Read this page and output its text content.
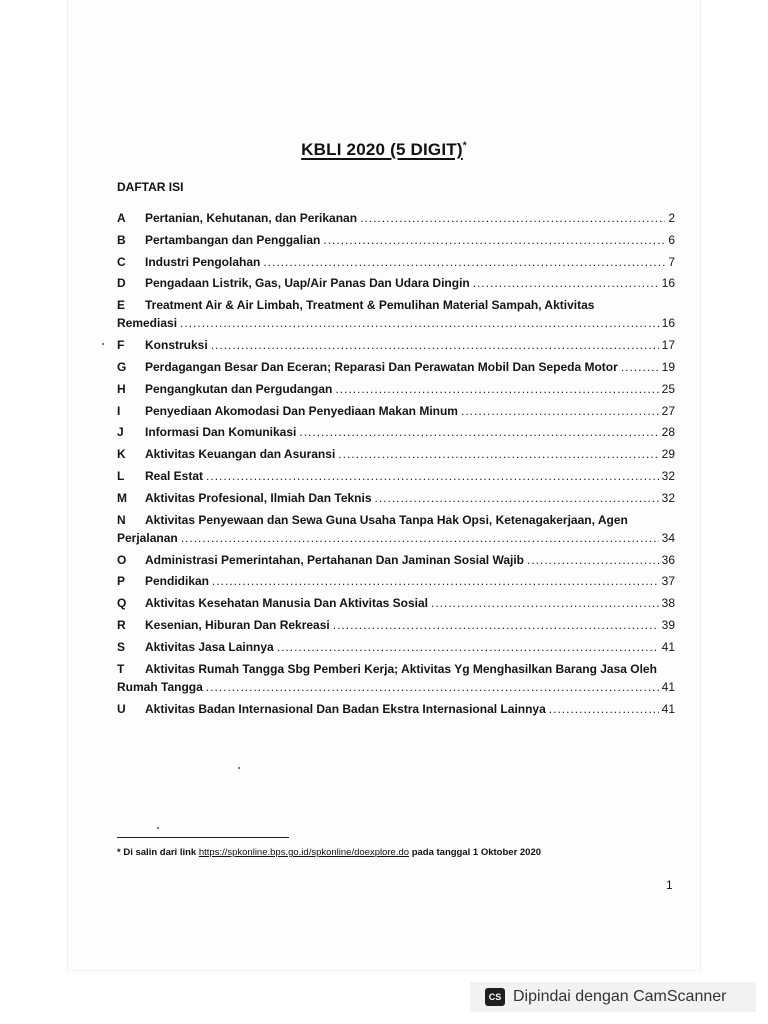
KBLI 2020 (5 DIGIT)*
DAFTAR ISI
A	Pertanian, Kehutanan, dan Perikanan .....	2
B	Pertambangan dan Penggalian .....	6
C	Industri Pengolahan .....	7
D	Pengadaan Listrik, Gas, Uap/Air Panas Dan Udara Dingin .....	16
E	Treatment Air & Air Limbah, Treatment & Pemulihan Material Sampah, Aktivitas
Remediasi .....	16
F	Konstruksi .....	17
G	Perdagangan Besar Dan Eceran; Reparasi Dan Perawatan Mobil Dan Sepeda Motor .....	19
H	Pengangkutan dan Pergudangan .....	25
I	Penyediaan Akomodasi Dan Penyediaan Makan Minum .....	27
J	Informasi Dan Komunikasi .....	28
K	Aktivitas Keuangan dan Asuransi .....	29
L	Real Estat .....	32
M	Aktivitas Profesional, Ilmiah Dan Teknis .....	32
N	Aktivitas Penyewaan dan Sewa Guna Usaha Tanpa Hak Opsi, Ketenagakerjaan, Agen
Perjalanan .....	34
O	Administrasi Pemerintahan, Pertahanan Dan Jaminan Sosial Wajib .....	36
P	Pendidikan .....	37
Q	Aktivitas Kesehatan Manusia Dan Aktivitas Sosial .....	38
R	Kesenian, Hiburan Dan Rekreasi .....	39
S	Aktivitas Jasa Lainnya .....	41
T	Aktivitas Rumah Tangga Sbg Pemberi Kerja; Aktivitas Yg Menghasilkan Barang Jasa Oleh
Rumah Tangga .....	41
U	Aktivitas Badan Internasional Dan Badan Ekstra Internasional Lainnya .....	41
* Di salin dari link https://spkonline.bps.go.id/spkonline/doexplore.do pada tanggal 1 Oktober 2020
1
CS Dipindai dengan CamScanner
